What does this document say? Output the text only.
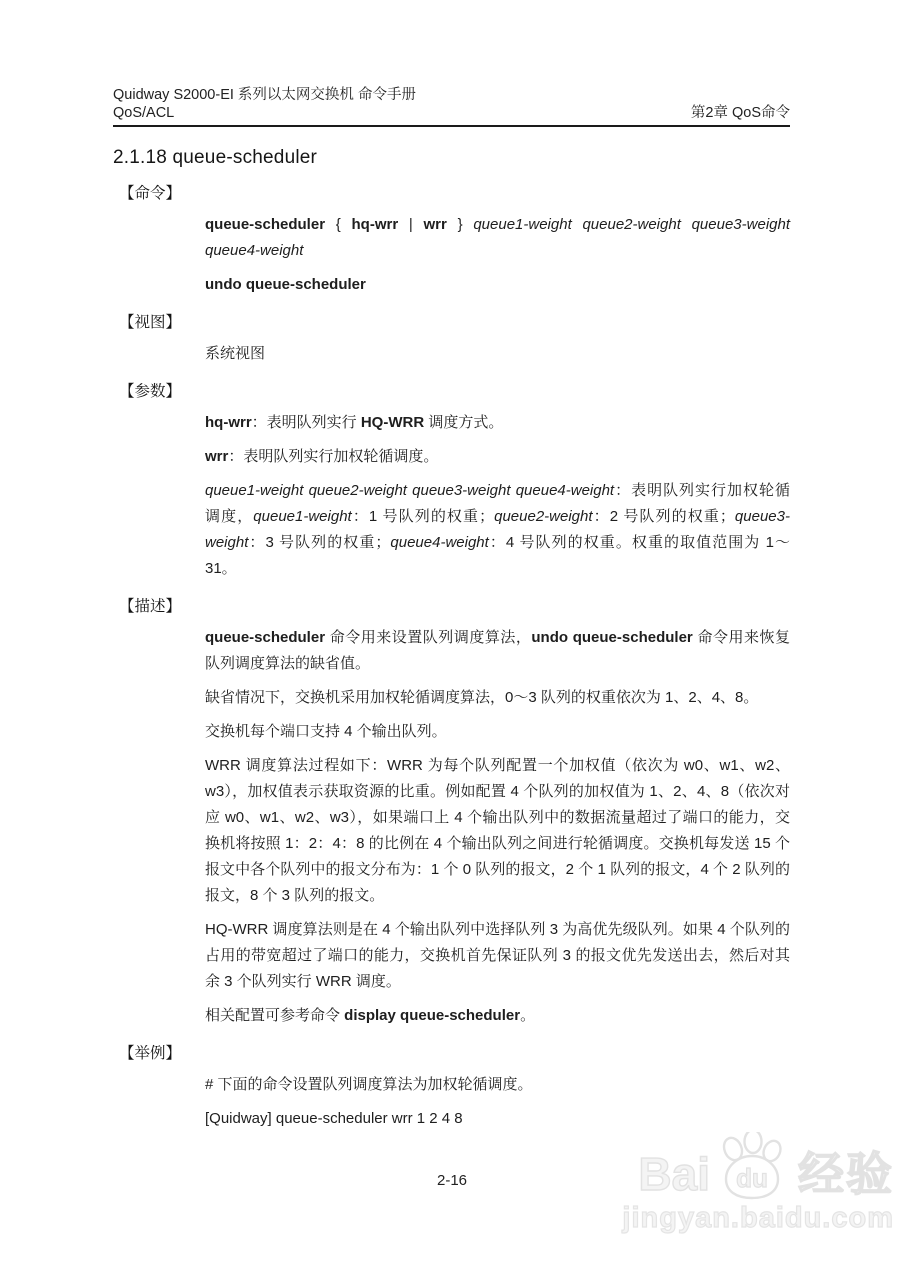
Quidway S2000-EI 系列以太网交换机 命令手册
QoS/ACL	第2章 QoS命令
2.1.18 queue-scheduler
【命令】

queue-scheduler { hq-wrr | wrr } queue1-weight queue2-weight queue3-weight queue4-weight

undo queue-scheduler

【视图】

系统视图

【参数】

hq-wrr：表明队列实行 HQ-WRR 调度方式。

wrr：表明队列实行加权轮循调度。

queue1-weight queue2-weight queue3-weight queue4-weight：表明队列实行加权轮循调度，queue1-weight：1 号队列的权重；queue2-weight：2 号队列的权重；queue3-weight：3 号队列的权重；queue4-weight：4 号队列的权重。权重的取值范围为 1～31。

【描述】

queue-scheduler 命令用来设置队列调度算法，undo queue-scheduler 命令用来恢复队列调度算法的缺省值。

缺省情况下，交换机采用加权轮循调度算法，0～3 队列的权重依次为 1、2、4、8。

交换机每个端口支持 4 个输出队列。

WRR 调度算法过程如下：WRR 为每个队列配置一个加权值（依次为 w0、w1、w2、w3），加权值表示获取资源的比重。例如配置 4 个队列的加权值为 1、2、4、8（依次对应 w0、w1、w2、w3），如果端口上 4 个输出队列中的数据流量超过了端口的能力，交换机将按照 1：2：4：8 的比例在 4 个输出队列之间进行轮循调度。交换机每发送 15 个报文中各个队列中的报文分布为：1 个 0 队列的报文，2 个 1 队列的报文，4 个 2 队列的报文，8 个 3 队列的报文。

HQ-WRR 调度算法则是在 4 个输出队列中选择队列 3 为高优先级队列。如果 4 个队列的占用的带宽超过了端口的能力，交换机首先保证队列 3 的报文优先发送出去，然后对其余 3 个队列实行 WRR 调度。

相关配置可参考命令 display queue-scheduler。

【举例】

# 下面的命令设置队列调度算法为加权轮循调度。

[Quidway] queue-scheduler wrr 1 2 4 8

2-16	Bai du 经验
jingyan.baidu.com
